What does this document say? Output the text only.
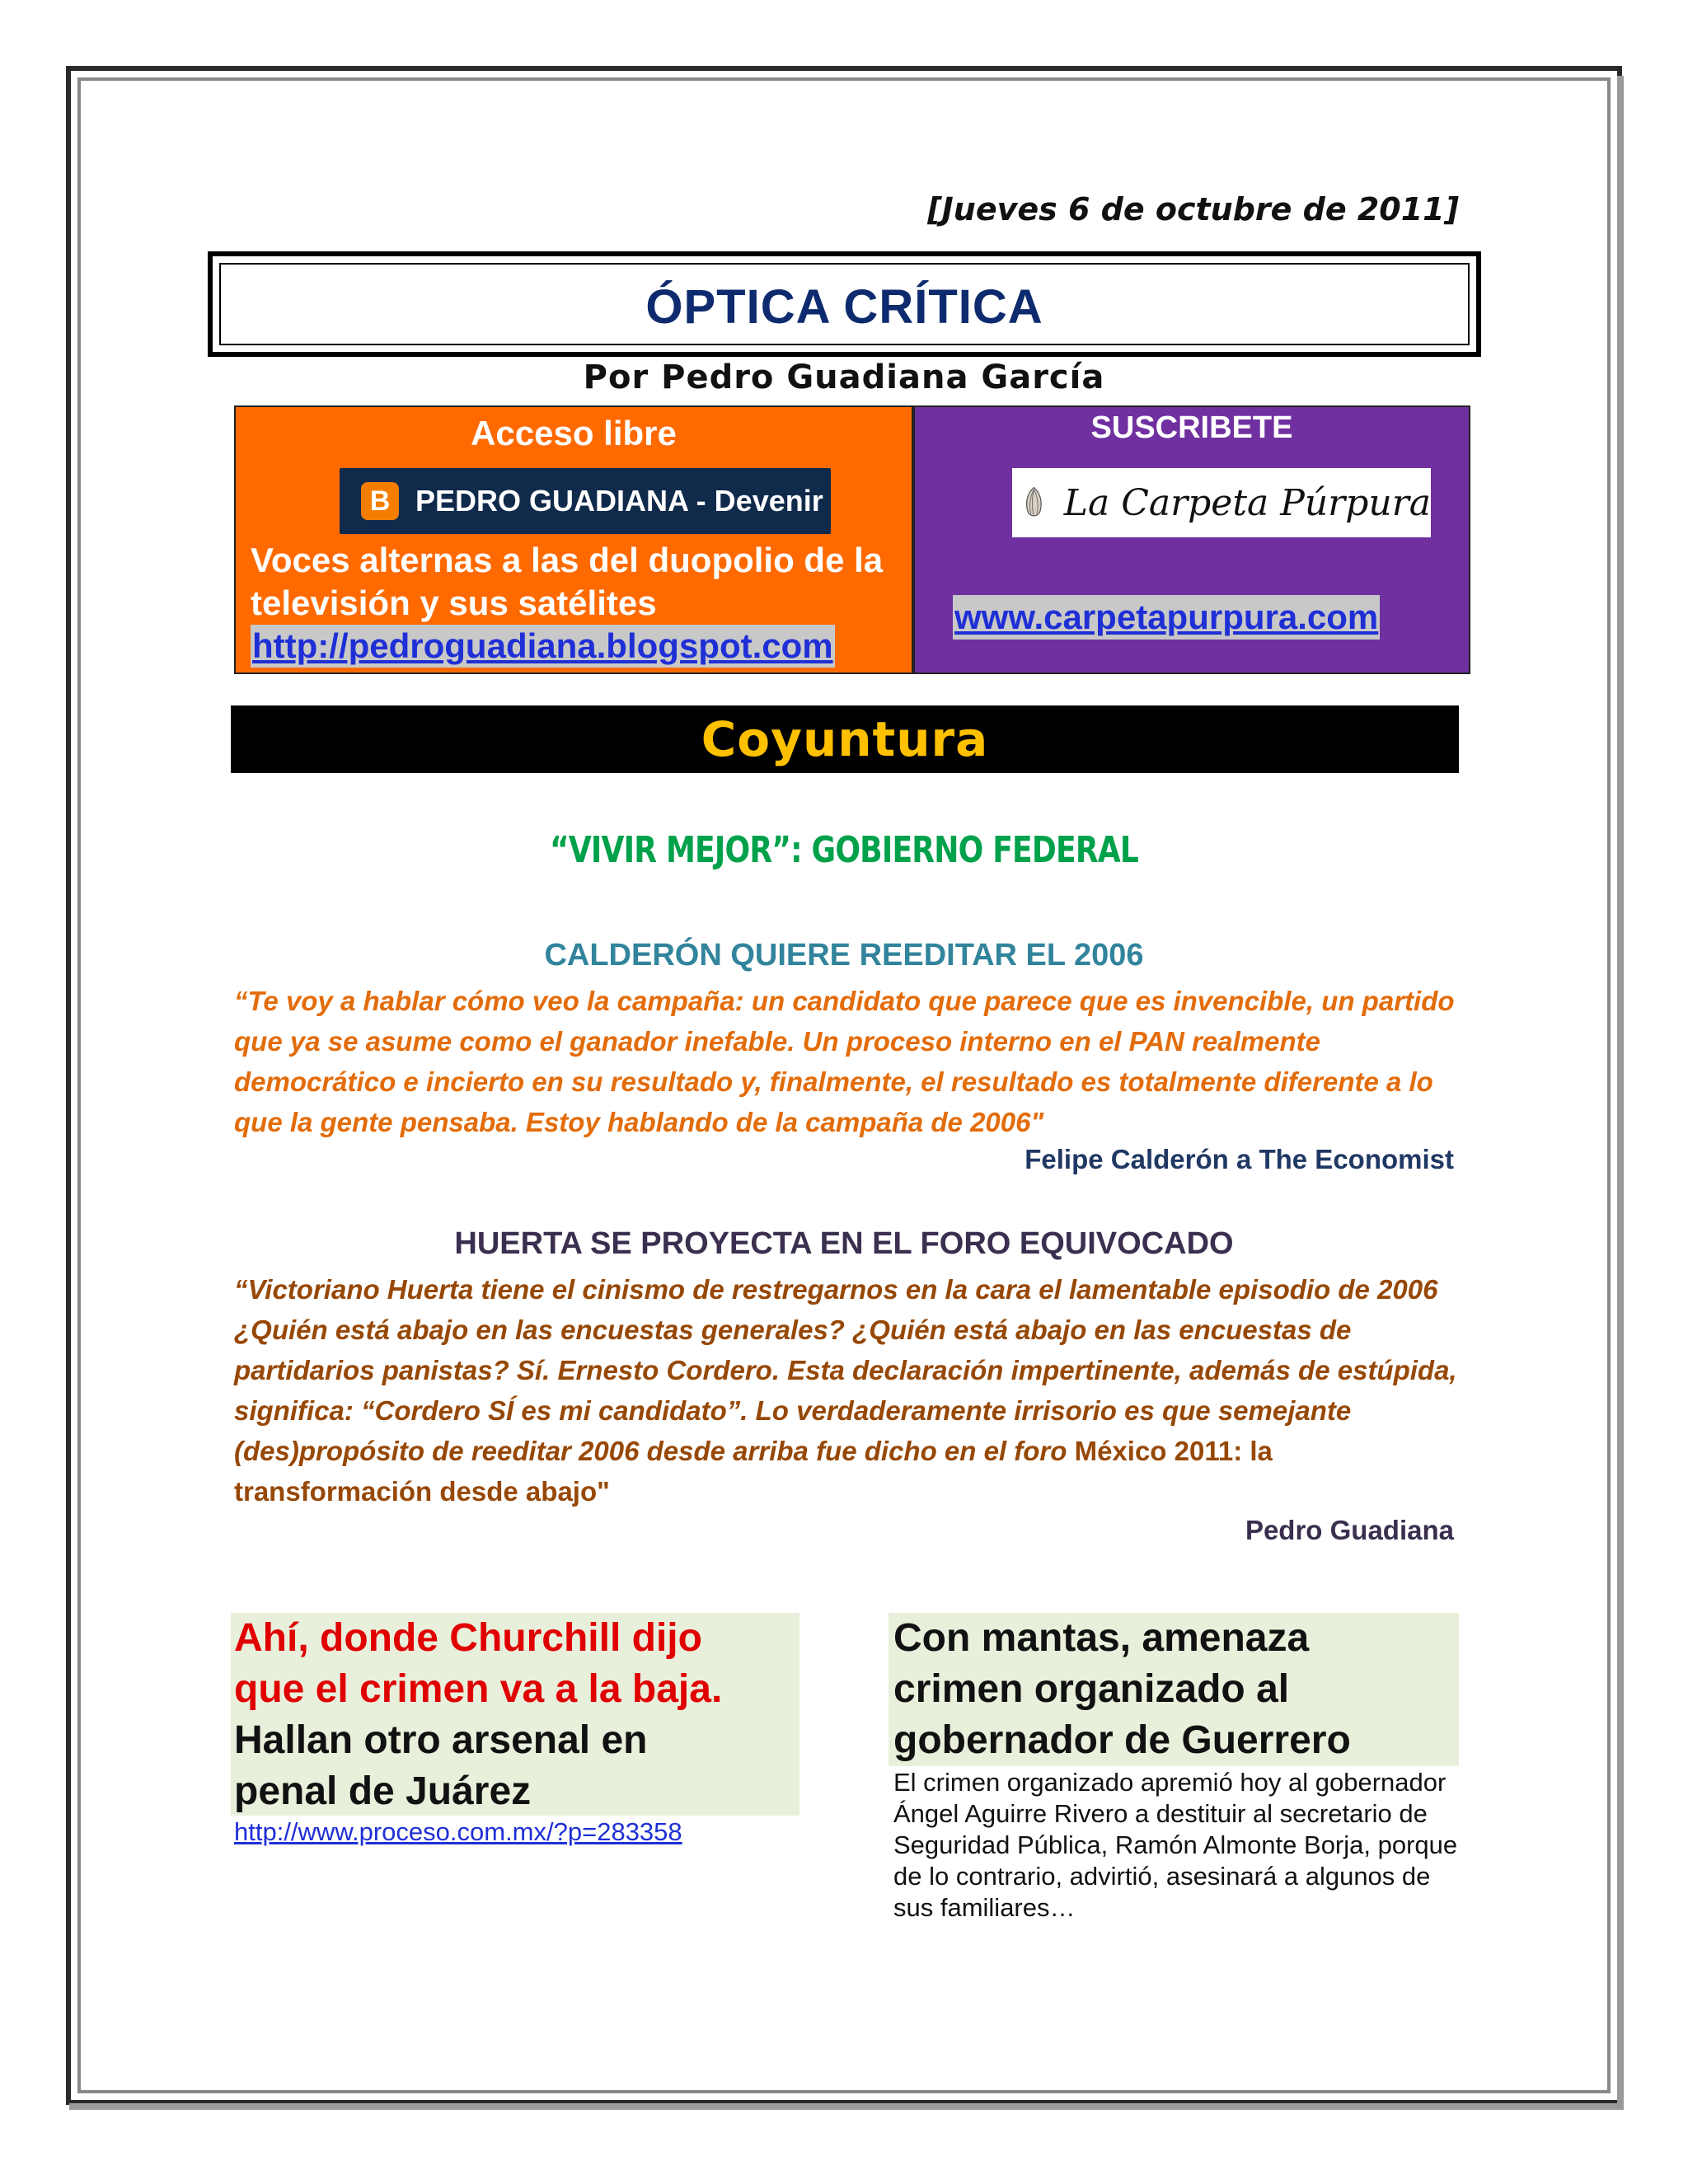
[Jueves 6 de octubre de 2011]
ÓPTICA CRÍTICA
Por Pedro Guadiana García
Acceso libre
B PEDRO GUADIANA - Devenir
Voces alternas a las del duopolio de la televisión y sus satélites
http://pedroguadiana.blogspot.com
SUSCRIBETE
La Carpeta Púrpura
www.carpetapurpura.com
Coyuntura
“VIVIR MEJOR”: GOBIERNO FEDERAL
CALDERÓN QUIERE REEDITAR EL 2006
“Te voy a hablar cómo veo la campaña: un candidato que parece que es invencible, un partido que ya se asume como el ganador inefable. Un proceso interno en el PAN realmente democrático e incierto en su resultado y, finalmente, el resultado es totalmente diferente a lo que la gente pensaba. Estoy hablando de la campaña de 2006"
Felipe Calderón a The Economist
HUERTA SE PROYECTA EN EL FORO EQUIVOCADO
“Victoriano Huerta tiene el cinismo de restregarnos en la cara el lamentable episodio de 2006 ¿Quién está abajo en las encuestas generales? ¿Quién está abajo en las encuestas de partidarios panistas? Sí. Ernesto Cordero. Esta declaración impertinente, además de estúpida, significa: “Cordero SÍ es mi candidato”. Lo verdaderamente irrisorio es que semejante (des)propósito de reeditar 2006 desde arriba fue dicho en el foro México 2011: la transformación desde abajo"
Pedro Guadiana
Ahí, donde Churchill dijo
que el crimen va a la baja.
Hallan otro arsenal en
penal de Juárez
http://www.proceso.com.mx/?p=283358
Con mantas, amenaza
crimen organizado al
gobernador de Guerrero
El crimen organizado apremió hoy al gobernador Ángel Aguirre Rivero a destituir al secretario de Seguridad Pública, Ramón Almonte Borja, porque de lo contrario, advirtió, asesinará a algunos de sus familiares…
